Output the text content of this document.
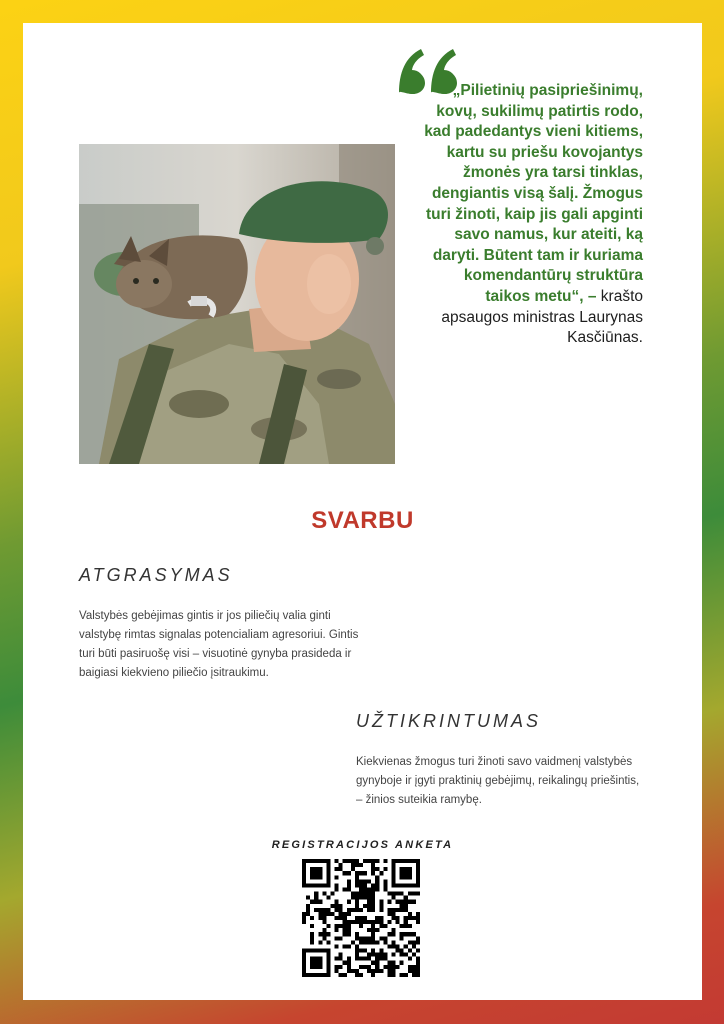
„Pilietinių pasipriešinimų, kovų, sukilimų patirtis rodo, kad padedantys vieni kitiems, kartu su priešu kovojantys žmonės yra tarsi tinklas, dengiantis visą šalį. Žmogus turi žinoti, kaip jis gali apginti savo namus, kur ateiti, ką daryti. Būtent tam ir kuriama komendantūrų struktūra taikos metu“, – krašto apsaugos ministras Laurynas Kasčiūnas.
SVARBU
ATGRASYMAS
Valstybės gebėjimas gintis ir jos piliečių valia ginti valstybę rimtas signalas potencialiam agresoriui. Gintis turi būti pasiruošę visi – visuotinė gynyba prasideda ir baigiasi kiekvieno piliečio įsitraukimu.
UŽTIKRINTUMAS
Kiekvienas žmogus turi žinoti savo vaidmenį valstybės gynyboje ir įgyti praktinių gebėjimų, reikalingų priešintis, – žinios suteikia ramybę.
REGISTRACIJOS ANKETA
